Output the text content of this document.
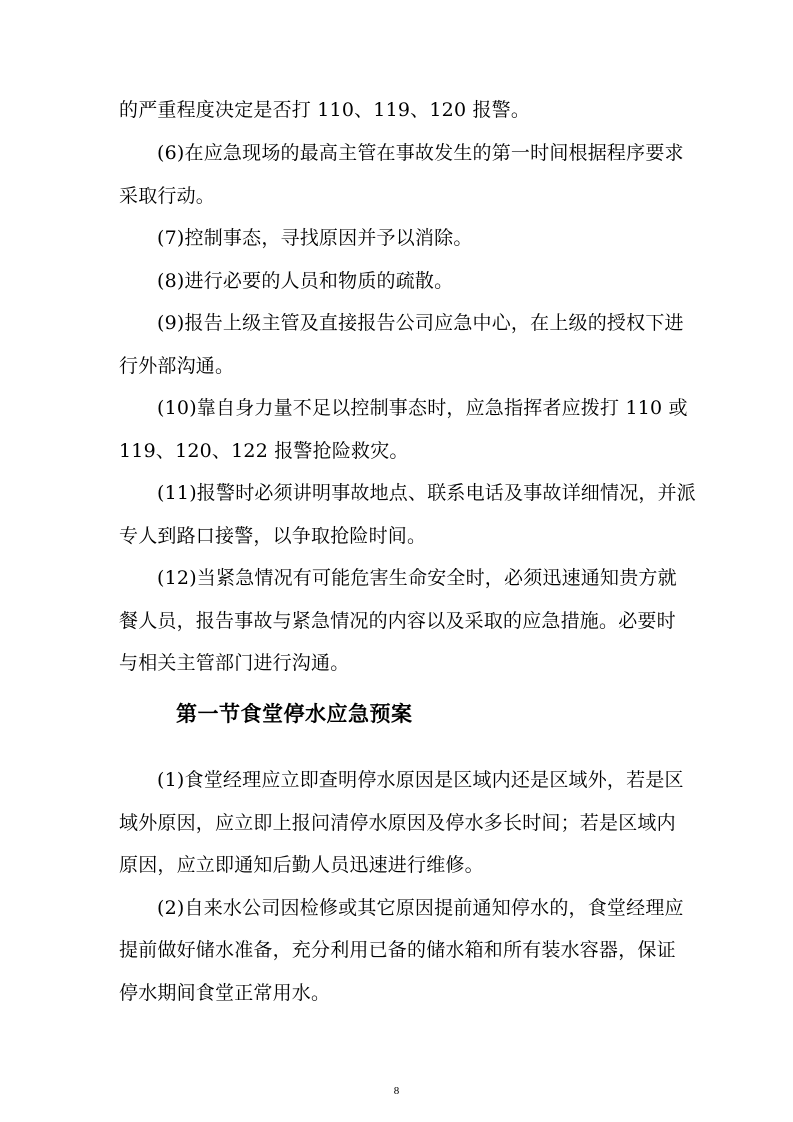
的严重程度决定是否打 110、119、120 报警。
(6)在应急现场的最高主管在事故发生的第一时间根据程序要求
采取行动。
(7)控制事态，寻找原因并予以消除。
(8)进行必要的人员和物质的疏散。
(9)报告上级主管及直接报告公司应急中心，在上级的授权下进
行外部沟通。
(10)靠自身力量不足以控制事态时，应急指挥者应拨打 110 或
119、120、122 报警抢险救灾。
(11)报警时必须讲明事故地点、联系电话及事故详细情况，并派
专人到路口接警，以争取抢险时间。
(12)当紧急情况有可能危害生命安全时，必须迅速通知贵方就
餐人员，报告事故与紧急情况的内容以及采取的应急措施。必要时
与相关主管部门进行沟通。
第一节食堂停水应急预案
(1)食堂经理应立即查明停水原因是区域内还是区域外，若是区
域外原因，应立即上报问清停水原因及停水多长时间；若是区域内
原因，应立即通知后勤人员迅速进行维修。
(2)自来水公司因检修或其它原因提前通知停水的，食堂经理应
提前做好储水准备，充分利用已备的储水箱和所有装水容器，保证
停水期间食堂正常用水。
8
